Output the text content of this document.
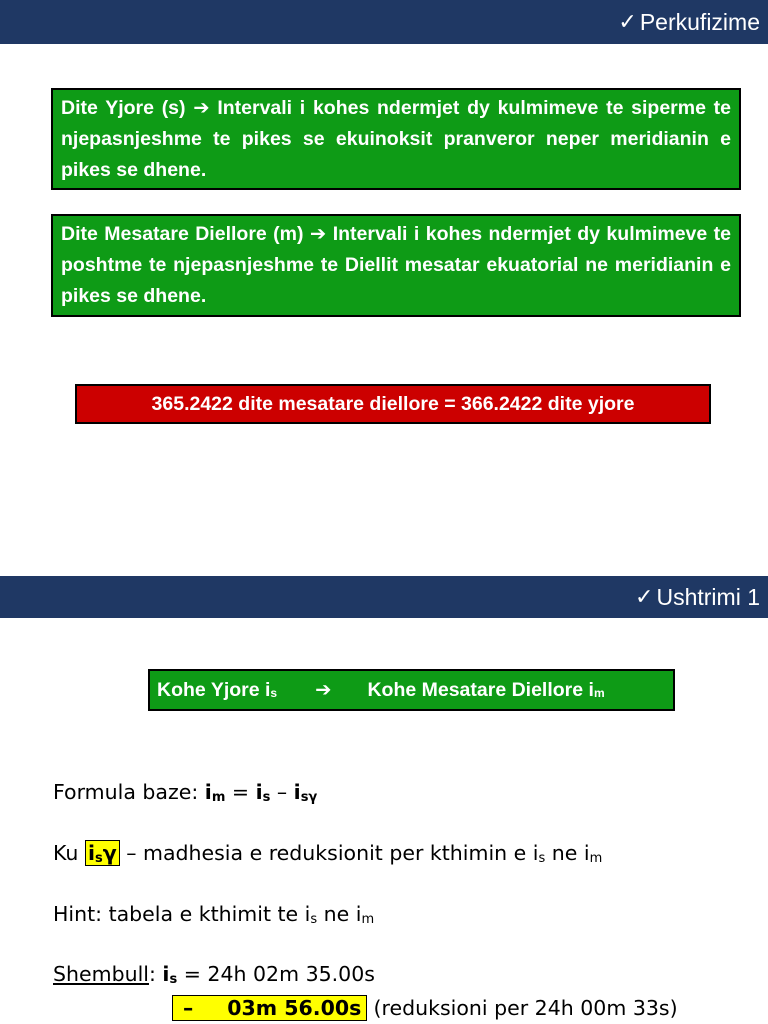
✓ Perkufizime
Dite Yjore (s) ➔ Intervali i kohes ndermjet dy kulmimeve te siperme te njepasnjeshme te pikes se ekuinoksit pranveror neper meridianin e pikes se dhene.
Dite Mesatare Diellore (m) ➔ Intervali i kohes ndermjet dy kulmimeve te poshtme te njepasnjeshme te Diellit mesatar ekuatorial ne meridianin e pikes se dhene.
365.2422 dite mesatare diellore = 366.2422 dite yjore
✓ Ushtrimi 1
Kohe Yjore is ➔ Kohe Mesatare Diellore im
Formula baze: im = is – isγ
Ku isγ – madhesia e reduksionit per kthimin e is ne im
Hint: tabela e kthimit te is ne im
Shembull: is = 24h 02m 35.00s
– 03m 56.00s (reduksioni per 24h 00m 33s)
